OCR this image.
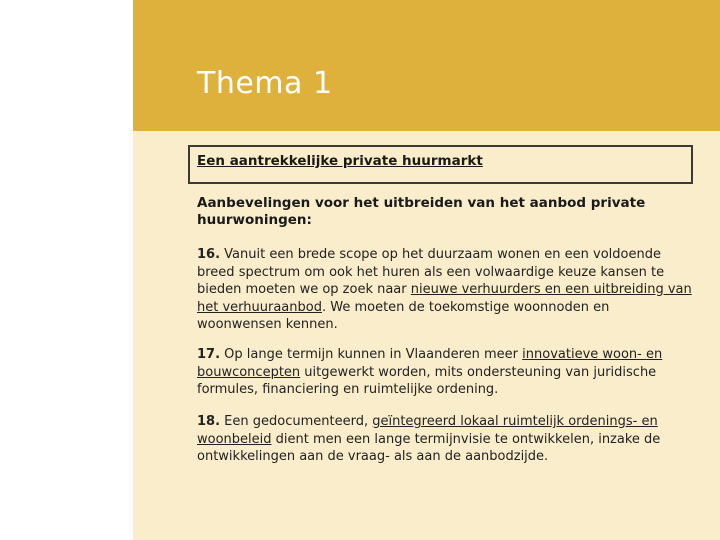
Thema 1
Een aantrekkelijke private huurmarkt
Aanbevelingen voor het uitbreiden van het aanbod private huurwoningen:
16. Vanuit een brede scope op het duurzaam wonen en een voldoende breed spectrum om ook het huren als een volwaardige keuze kansen te bieden moeten we op zoek naar nieuwe verhuurders en een uitbreiding van het verhuuraanbod. We moeten de toekomstige woonnoden en woonwensen kennen.
17. Op lange termijn kunnen in Vlaanderen meer innovatieve woon- en bouwconcepten uitgewerkt worden, mits ondersteuning van juridische formules, financiering en ruimtelijke ordening.
18. Een gedocumenteerd, geïntegreerd lokaal ruimtelijk ordenings- en woonbeleid dient men een lange termijnvisie te ontwikkelen, inzake de ontwikkelingen aan de vraag- als aan de aanbodzijde.
